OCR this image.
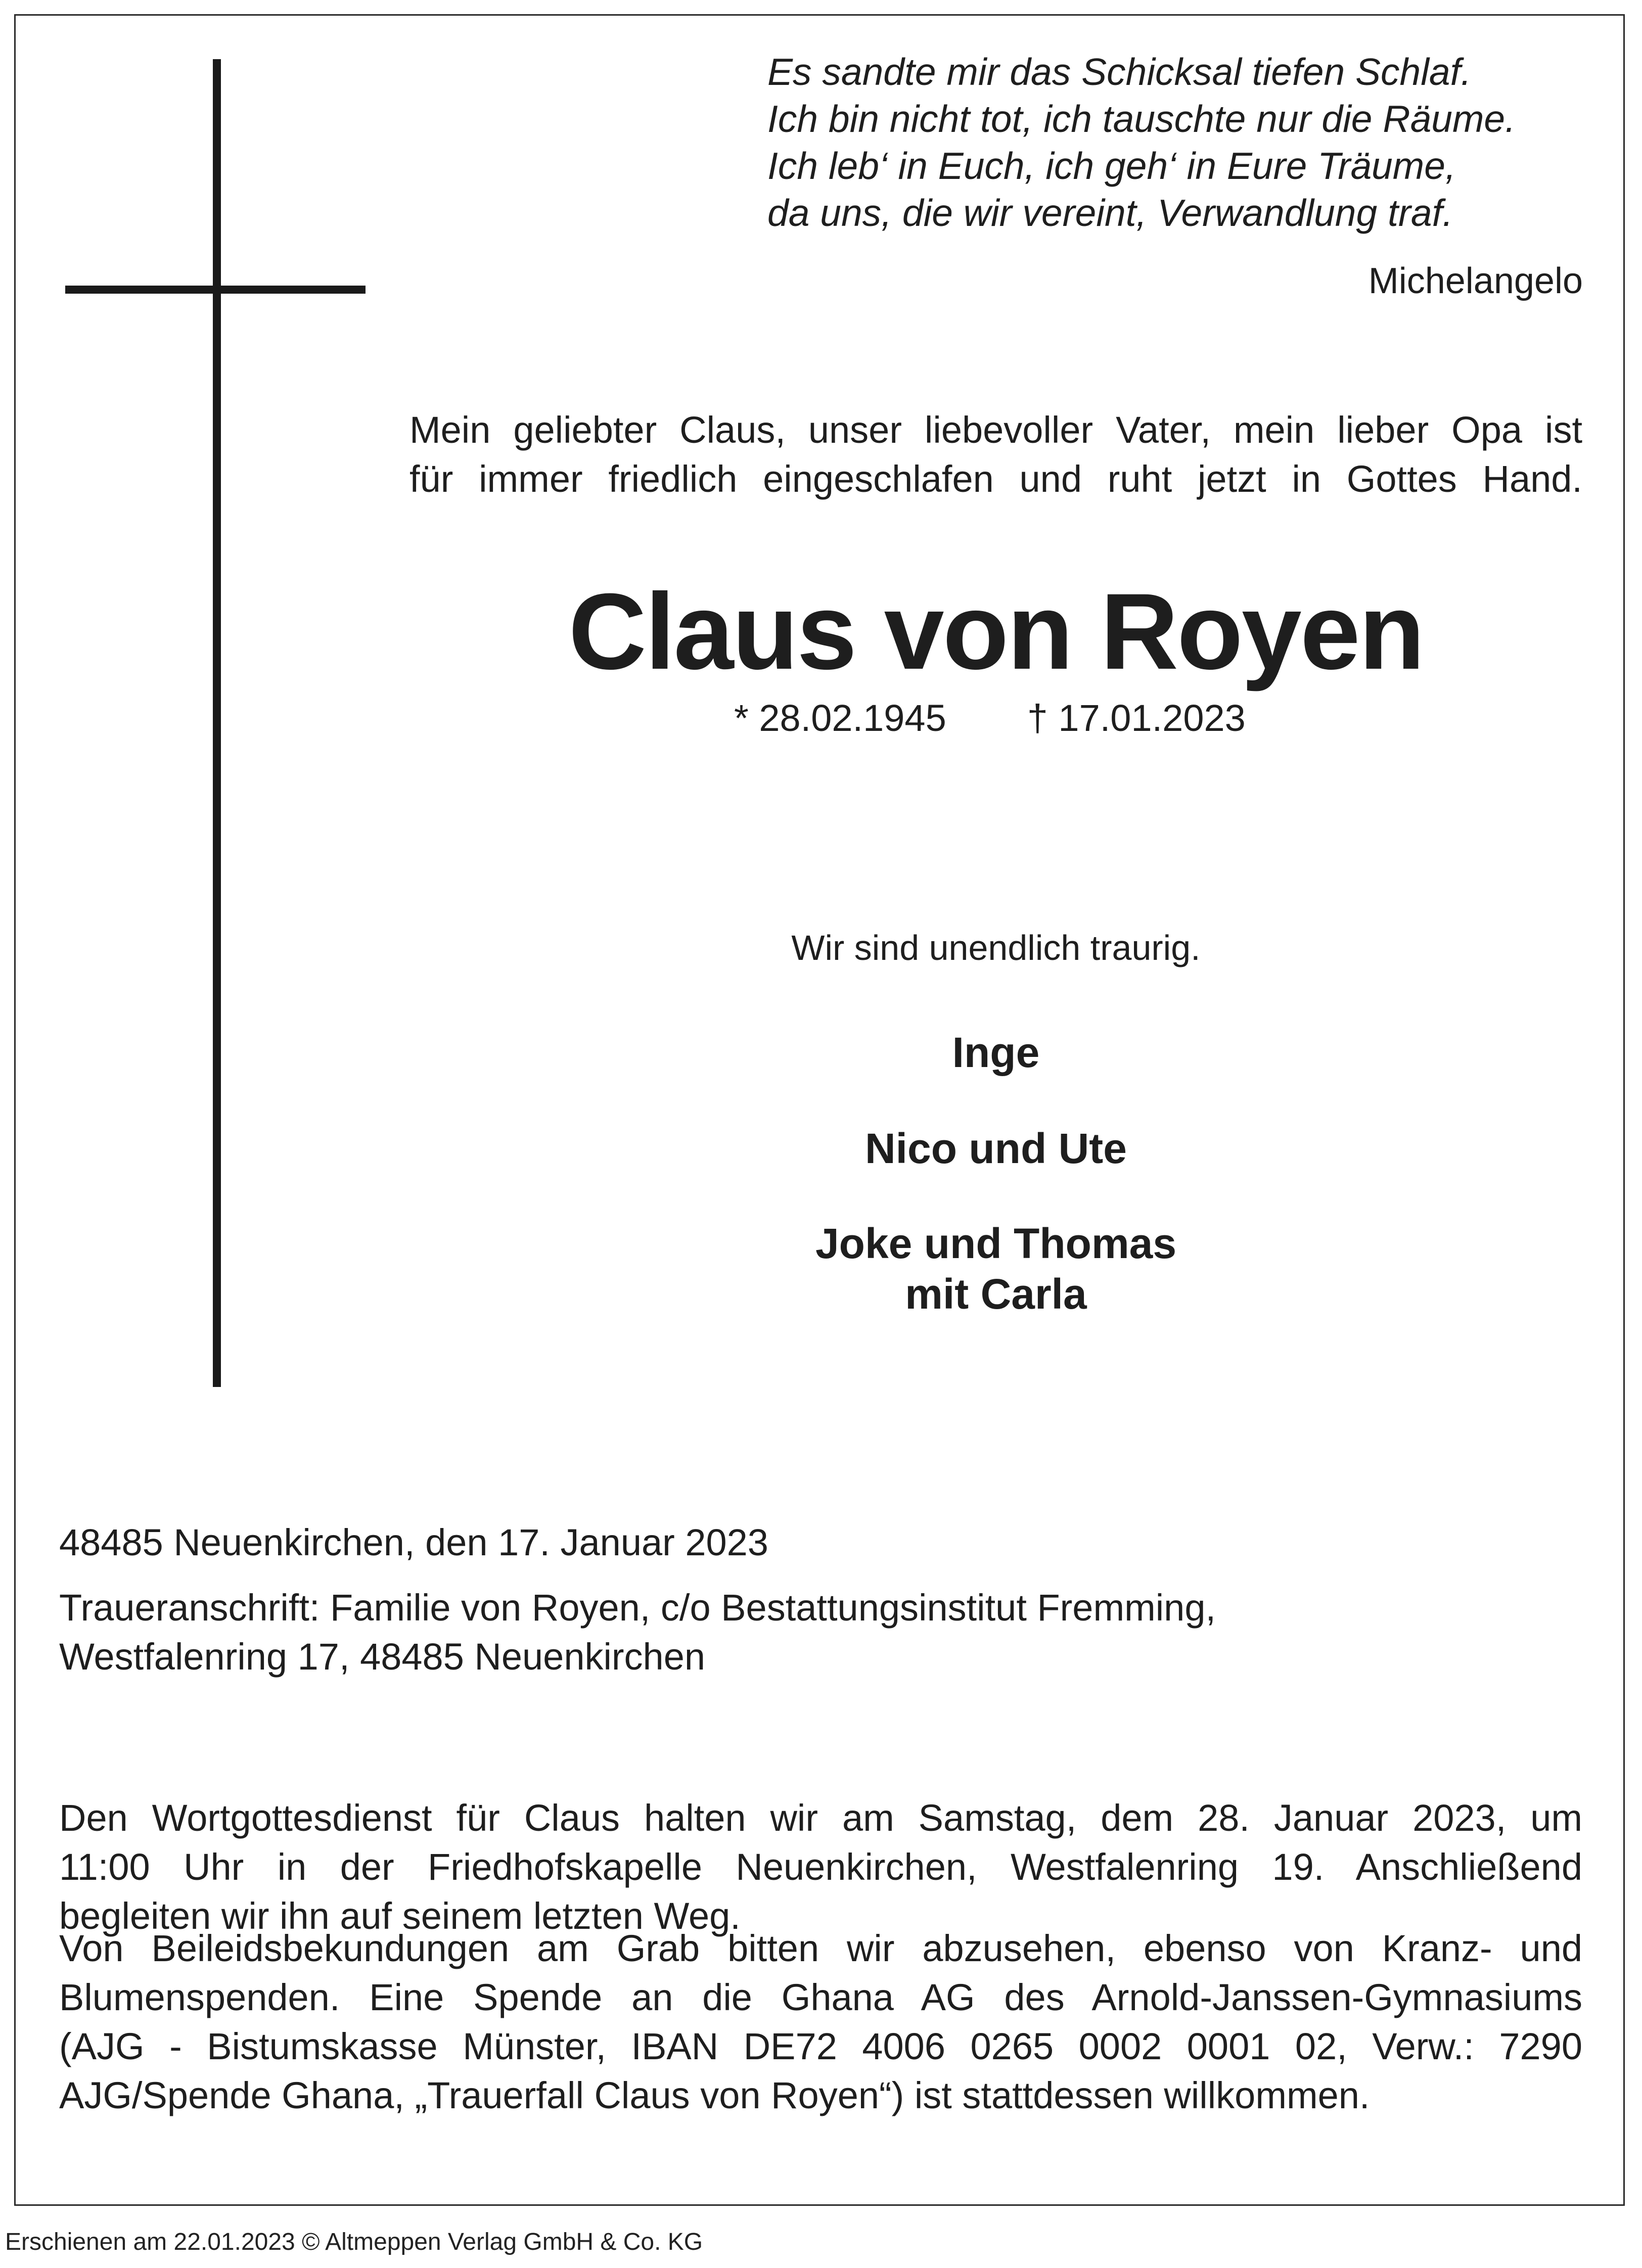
Es sandte mir das Schicksal tiefen Schlaf.
Ich bin nicht tot, ich tauschte nur die Räume.
Ich leb‘ in Euch, ich geh‘ in Eure Träume,
da uns, die wir vereint, Verwandlung traf.
Michelangelo
Mein geliebter Claus, unser liebevoller Vater, mein lieber Opa ist
für immer friedlich eingeschlafen und ruht jetzt in Gottes Hand.
Claus von Royen
* 28.02.1945 † 17.01.2023
Wir sind unendlich traurig.
Inge
Nico und Ute
Joke und Thomas
mit Carla
48485 Neuenkirchen, den 17. Januar 2023
Traueranschrift: Familie von Royen, c/o Bestattungsinstitut Fremming,
Westfalenring 17, 48485 Neuenkirchen
Den Wortgottesdienst für Claus halten wir am Samstag, dem 28. Januar 2023, um
11:00 Uhr in der Friedhofskapelle Neuenkirchen, Westfalenring 19. Anschließend
begleiten wir ihn auf seinem letzten Weg.
Von Beileidsbekundungen am Grab bitten wir abzusehen, ebenso von Kranz- und
Blumenspenden. Eine Spende an die Ghana AG des Arnold-Janssen-Gymnasiums
(AJG - Bistumskasse Münster, IBAN DE72 4006 0265 0002 0001 02, Verw.: 7290
AJG/Spende Ghana, „Trauerfall Claus von Royen“) ist stattdessen willkommen.
Erschienen am 22.01.2023 © Altmeppen Verlag GmbH & Co. KG
